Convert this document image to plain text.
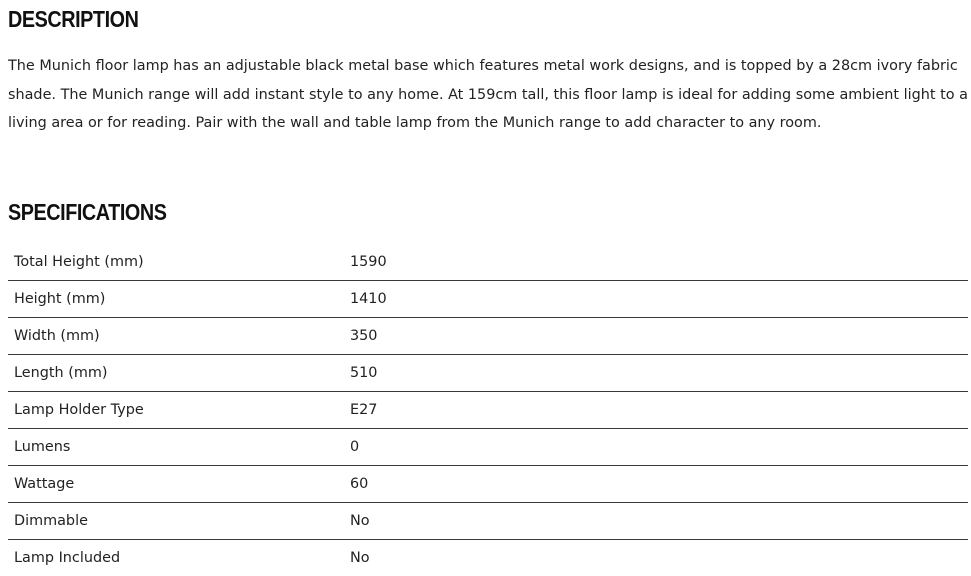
DESCRIPTION

The Munich floor lamp has an adjustable black metal base which features metal work designs, and is topped by a 28cm ivory fabric shade. The Munich range will add instant style to any home. At 159cm tall, this floor lamp is ideal for adding some ambient light to a living area or for reading. Pair with the wall and table lamp from the Munich range to add character to any room.

SPECIFICATIONS
Total Height (mm)	1590
Height (mm)	1410
Width (mm)	350
Length (mm)	510
Lamp Holder Type	E27
Lumens	0
Wattage	60
Dimmable	No
Lamp Included	No
